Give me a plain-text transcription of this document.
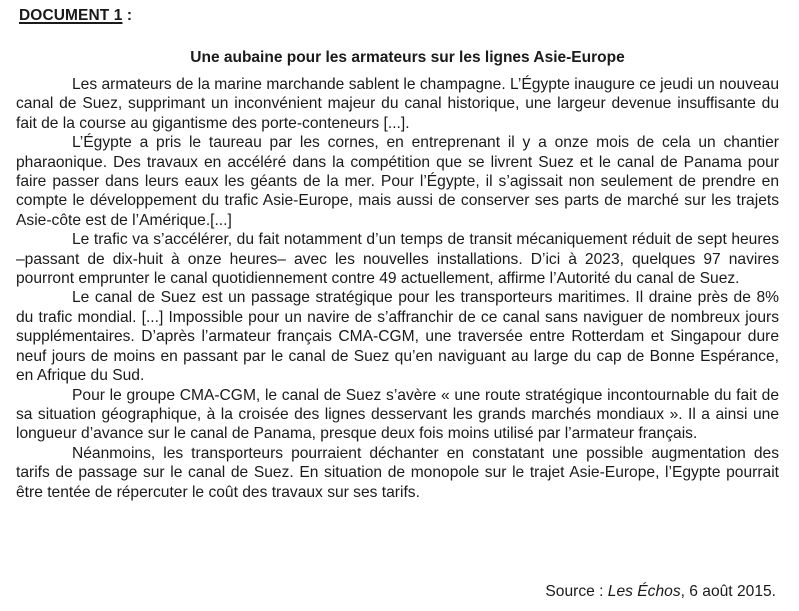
DOCUMENT 1 :
Une aubaine pour les armateurs sur les lignes Asie-Europe

Les armateurs de la marine marchande sablent le champagne. L’Égypte inaugure ce jeudi un nouveau canal de Suez, supprimant un inconvénient majeur du canal historique, une largeur devenue insuffisante du fait de la course au gigantisme des porte-conteneurs [...].

L’Égypte a pris le taureau par les cornes, en entreprenant il y a onze mois de cela un chantier pharaonique. Des travaux en accéléré dans la compétition que se livrent Suez et le canal de Panama pour faire passer dans leurs eaux les géants de la mer. Pour l’Égypte, il s’agissait non seulement de prendre en compte le développement du trafic Asie-Europe, mais aussi de conserver ses parts de marché sur les trajets Asie-côte est de l’Amérique.[...]

Le trafic va s’accélérer, du fait notamment d’un temps de transit mécaniquement réduit de sept heures –passant de dix-huit à onze heures– avec les nouvelles installations. D’ici à 2023, quelques 97 navires pourront emprunter le canal quotidiennement contre 49 actuellement, affirme l’Autorité du canal de Suez.

Le canal de Suez est un passage stratégique pour les transporteurs maritimes. Il draine près de 8% du trafic mondial. [...] Impossible pour un navire de s’affranchir de ce canal sans naviguer de nombreux jours supplémentaires. D’après l’armateur français CMA-CGM, une traversée entre Rotterdam et Singapour dure neuf jours de moins en passant par le canal de Suez qu’en naviguant au large du cap de Bonne Espérance, en Afrique du Sud.

Pour le groupe CMA-CGM, le canal de Suez s’avère « une route stratégique incontournable du fait de sa situation géographique, à la croisée des lignes desservant les grands marchés mondiaux ». Il a ainsi une longueur d’avance sur le canal de Panama, presque deux fois moins utilisé par l’armateur français.

Néanmoins, les transporteurs pourraient déchanter en constatant une possible augmentation des tarifs de passage sur le canal de Suez. En situation de monopole sur le trajet Asie-Europe, l’Egypte pourrait être tentée de répercuter le coût des travaux sur ses tarifs.

Source : Les Échos, 6 août 2015.
